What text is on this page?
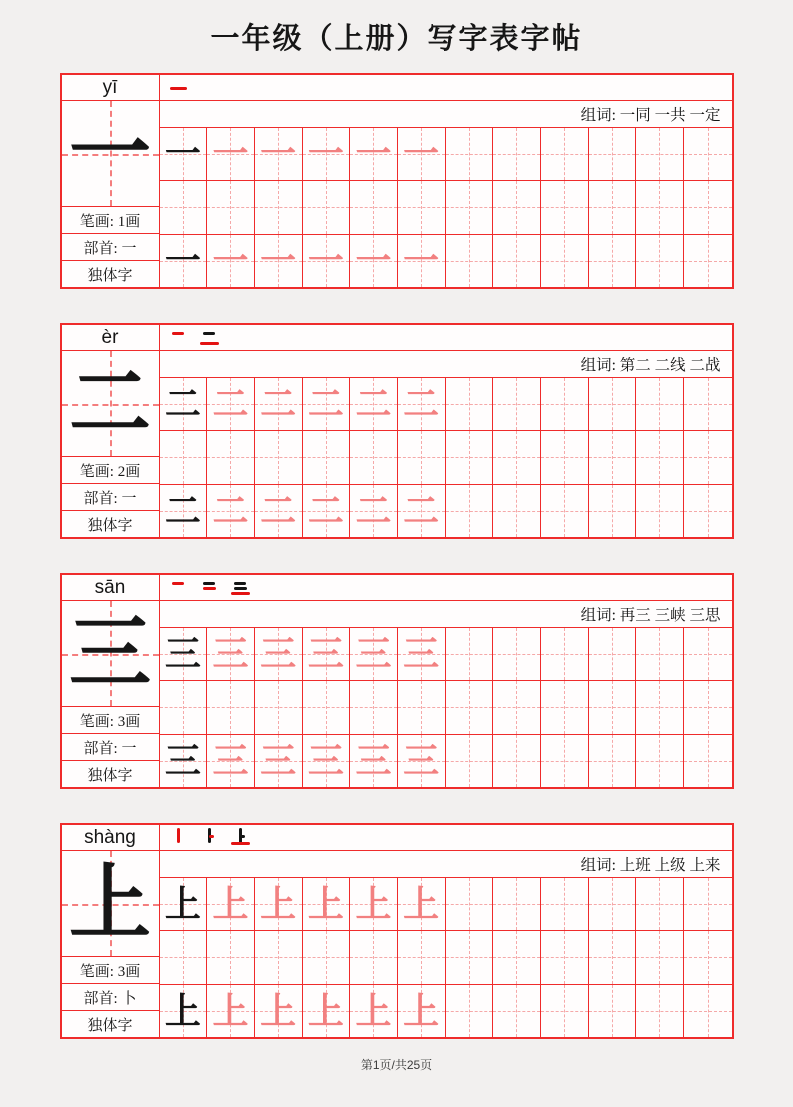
一年级（上册）写字表字帖
yī
一
笔画: 1画
部首: 一
独体字
组词: 一同 一共 一定
一 一 一 一 一 一
一 一 一 一 一 一
èr
二
笔画: 2画
部首: 一
独体字
组词: 第二 二线 二战
二 二 二 二 二 二
二 二 二 二 二 二
sān
三
笔画: 3画
部首: 一
独体字
组词: 再三 三峡 三思
三 三 三 三 三 三
三 三 三 三 三 三
shàng
上
笔画: 3画
部首: 卜
独体字
组词: 上班 上级 上来
上 上 上 上 上 上
上 上 上 上 上 上
第1页/共25页
